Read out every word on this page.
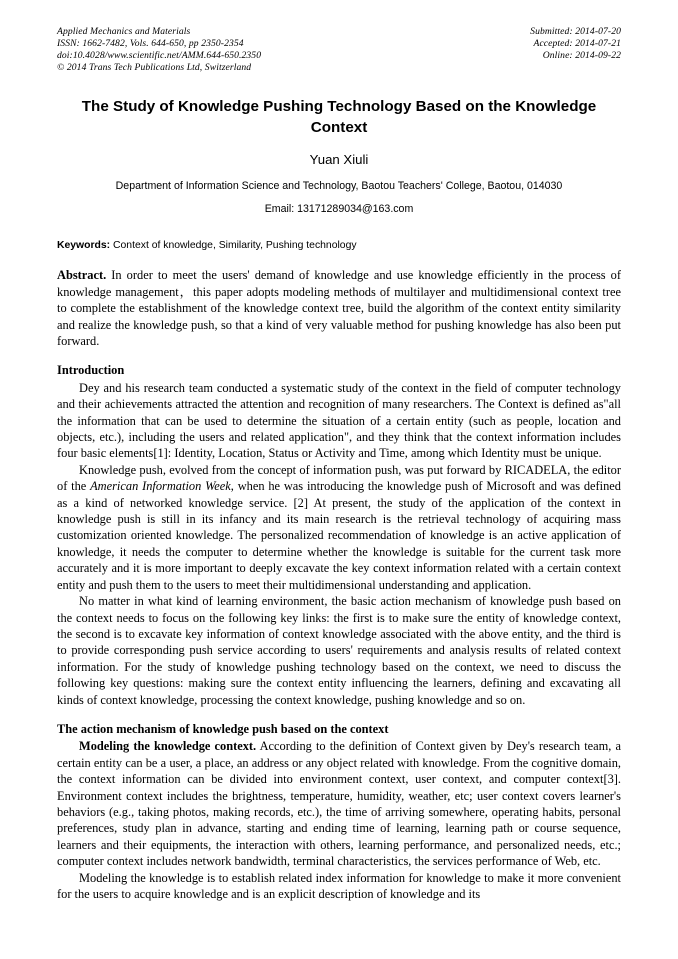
Applied Mechanics and Materials
ISSN: 1662-7482, Vols. 644-650, pp 2350-2354
doi:10.4028/www.scientific.net/AMM.644-650.2350
© 2014 Trans Tech Publications Ltd, Switzerland
Submitted: 2014-07-20
Accepted: 2014-07-21
Online: 2014-09-22
The Study of Knowledge Pushing Technology Based on the Knowledge Context
Yuan Xiuli
Department of Information Science and Technology, Baotou Teachers' College, Baotou, 014030
Email: 13171289034@163.com
Keywords: Context of knowledge, Similarity, Pushing technology
Abstract. In order to meet the users' demand of knowledge and use knowledge efficiently in the process of knowledge management，this paper adopts modeling methods of multilayer and multidimensional context tree to complete the establishment of the knowledge context tree, build the algorithm of the context entity similarity and realize the knowledge push, so that a kind of very valuable method for pushing knowledge has also been put forward.
Introduction

Dey and his research team conducted a systematic study of the context in the field of computer technology and their achievements attracted the attention and recognition of many researchers. The Context is defined as"all the information that can be used to determine the situation of a certain entity (such as people, location and objects, etc.), including the users and related application", and they think that the context information includes four basic elements[1]: Identity, Location, Status or Activity and Time, among which Identity must be unique.

Knowledge push, evolved from the concept of information push, was put forward by RICADELA, the editor of the American Information Week, when he was introducing the knowledge push of Microsoft and was defined as a kind of networked knowledge service. [2] At present, the study of the application of the context in knowledge push is still in its infancy and its main research is the retrieval technology of acquiring mass customization oriented knowledge. The personalized recommendation of knowledge is an active application of knowledge, it needs the computer to determine whether the knowledge is suitable for the current task more accurately and it is more important to deeply excavate the key context information related with a certain context entity and push them to the users to meet their multidimensional understanding and application.

No matter in what kind of learning environment, the basic action mechanism of knowledge push based on the context needs to focus on the following key links: the first is to make sure the entity of knowledge context, the second is to excavate key information of context knowledge associated with the above entity, and the third is to provide corresponding push service according to users' requirements and analysis results of related context information. For the study of knowledge pushing technology based on the context, we need to discuss the following key questions: making sure the context entity influencing the learners, defining and excavating all kinds of context knowledge, processing the context knowledge, pushing knowledge and so on.

The action mechanism of knowledge push based on the context

Modeling the knowledge context. According to the definition of Context given by Dey's research team, a certain entity can be a user, a place, an address or any object related with knowledge. From the cognitive domain, the context information can be divided into environment context, user context, and computer context[3]. Environment context includes the brightness, temperature, humidity, weather, etc; user context covers learner's behaviors (e.g., taking photos, making records, etc.), the time of arriving somewhere, operating habits, personal preferences, study plan in advance, starting and ending time of learning, learning path or course sequence, learners and their equipments, the interaction with others, learning performance, and personalized needs, etc.; computer context includes network bandwidth, terminal characteristics, the services performance of Web, etc.

Modeling the knowledge is to establish related index information for knowledge to make it more convenient for the users to acquire knowledge and is an explicit description of knowledge and its
